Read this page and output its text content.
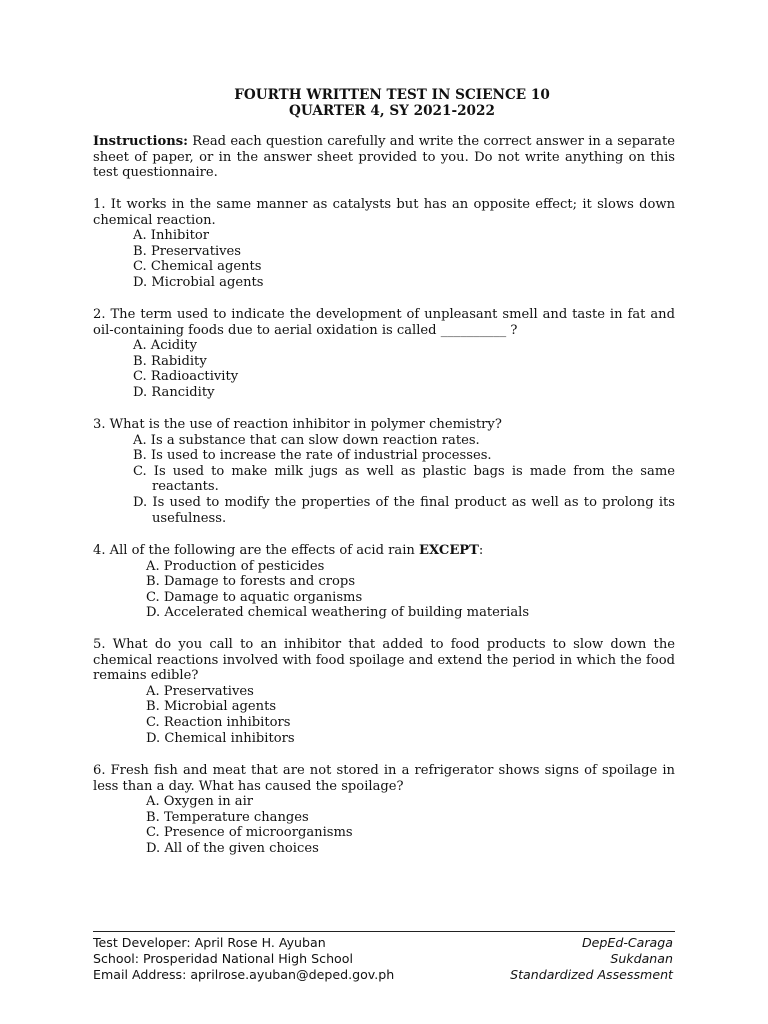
FOURTH WRITTEN TEST IN SCIENCE 10
QUARTER 4, SY 2021-2022
Instructions: Read each question carefully and write the correct answer in a separate sheet of paper, or in the answer sheet provided to you. Do not write anything on this test questionnaire.
1. It works in the same manner as catalysts but has an opposite effect; it slows down chemical reaction.
A. Inhibitor
B. Preservatives
C. Chemical agents
D. Microbial agents
2. The term used to indicate the development of unpleasant smell and taste in fat and oil-containing foods due to aerial oxidation is called __________ ?
A. Acidity
B. Rabidity
C. Radioactivity
D. Rancidity
3. What is the use of reaction inhibitor in polymer chemistry?
A. Is a substance that can slow down reaction rates.
B. Is used to increase the rate of industrial processes.
C. Is used to make milk jugs as well as plastic bags is made from the same reactants.
D. Is used to modify the properties of the final product as well as to prolong its usefulness.
4. All of the following are the effects of acid rain EXCEPT:
A. Production of pesticides
B. Damage to forests and crops
C. Damage to aquatic organisms
D. Accelerated chemical weathering of building materials
5. What do you call to an inhibitor that added to food products to slow down the chemical reactions involved with food spoilage and extend the period in which the food remains edible?
A. Preservatives
B. Microbial agents
C. Reaction inhibitors
D. Chemical inhibitors
6. Fresh fish and meat that are not stored in a refrigerator shows signs of spoilage in less than a day. What has caused the spoilage?
A. Oxygen in air
B. Temperature changes
C. Presence of microorganisms
D. All of the given choices
Test Developer: April Rose H. Ayuban
School: Prosperidad National High School
Email Address: aprilrose.ayuban@deped.gov.ph
DepEd-Caraga
Sukdanan
Standardized Assessment
